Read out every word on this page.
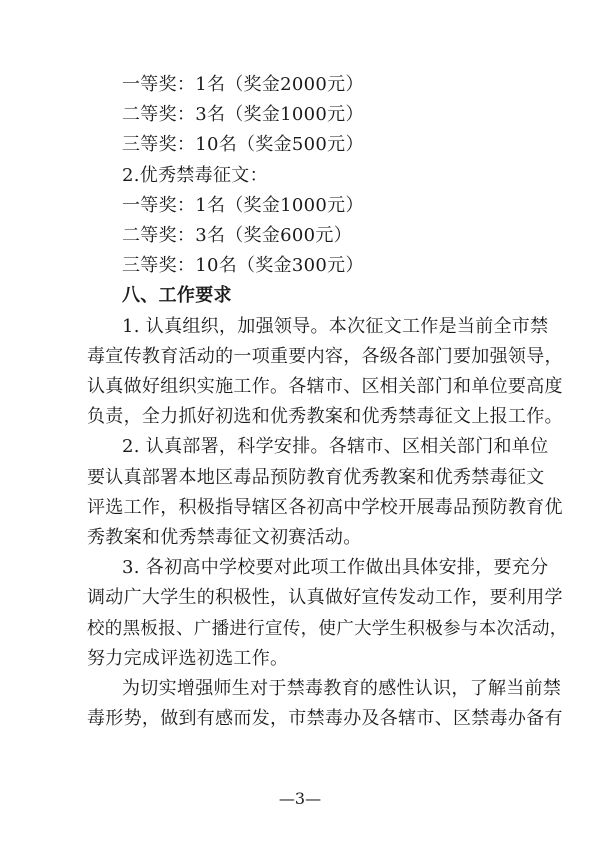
一等奖：1名（奖金2000元）
二等奖：3名（奖金1000元）
三等奖：10名（奖金500元）
2.优秀禁毒征文：
一等奖：1名（奖金1000元）
二等奖：3名（奖金600元）
三等奖：10名（奖金300元）
八、工作要求
1. 认真组织，加强领导。本次征文工作是当前全市禁
毒宣传教育活动的一项重要内容，各级各部门要加强领导，
认真做好组织实施工作。各辖市、区相关部门和单位要高度
负责，全力抓好初选和优秀教案和优秀禁毒征文上报工作。
2. 认真部署，科学安排。各辖市、区相关部门和单位
要认真部署本地区毒品预防教育优秀教案和优秀禁毒征文
评选工作，积极指导辖区各初高中学校开展毒品预防教育优
秀教案和优秀禁毒征文初赛活动。
3. 各初高中学校要对此项工作做出具体安排，要充分
调动广大学生的积极性，认真做好宣传发动工作，要利用学
校的黑板报、广播进行宣传，使广大学生积极参与本次活动，
努力完成评选初选工作。
为切实增强师生对于禁毒教育的感性认识，了解当前禁
毒形势，做到有感而发，市禁毒办及各辖市、区禁毒办备有
—3—
